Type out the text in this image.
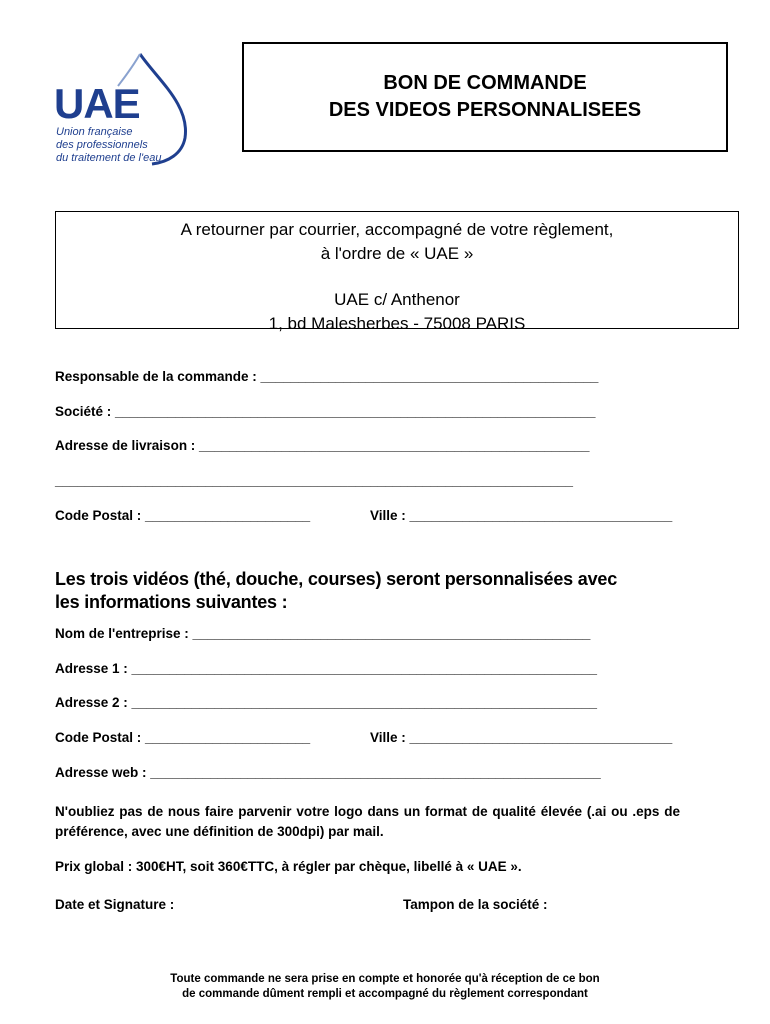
UAE
Union française
des professionnels
du traitement de l'eau
BON DE COMMANDE
DES VIDEOS PERSONNALISEES
A retourner par courrier, accompagné de votre règlement,
à l'ordre de « UAE »
UAE c/ Anthenor
1, bd Malesherbes - 75008 PARIS
Responsable de la commande : _____________________________________________
Société : ________________________________________________________________
Adresse de livraison : ____________________________________________________
_____________________________________________________________________
Code Postal : ______________________	Ville : ___________________________________
Les trois vidéos (thé, douche, courses) seront personnalisées avec
les informations suivantes :
Nom de l'entreprise : _____________________________________________________
Adresse 1 : ______________________________________________________________
Adresse 2 : ______________________________________________________________
Code Postal : ______________________	Ville : ___________________________________
Adresse web : ____________________________________________________________
N'oubliez pas de nous faire parvenir votre logo dans un format de qualité élevée (.ai ou .eps de préférence, avec une définition de 300dpi) par mail.
Prix global : 300€HT, soit 360€TTC, à régler par chèque, libellé à « UAE ».
Date et Signature :	Tampon de la société :
Toute commande ne sera prise en compte et honorée qu'à réception de ce bon
de commande dûment rempli et accompagné du règlement correspondant
